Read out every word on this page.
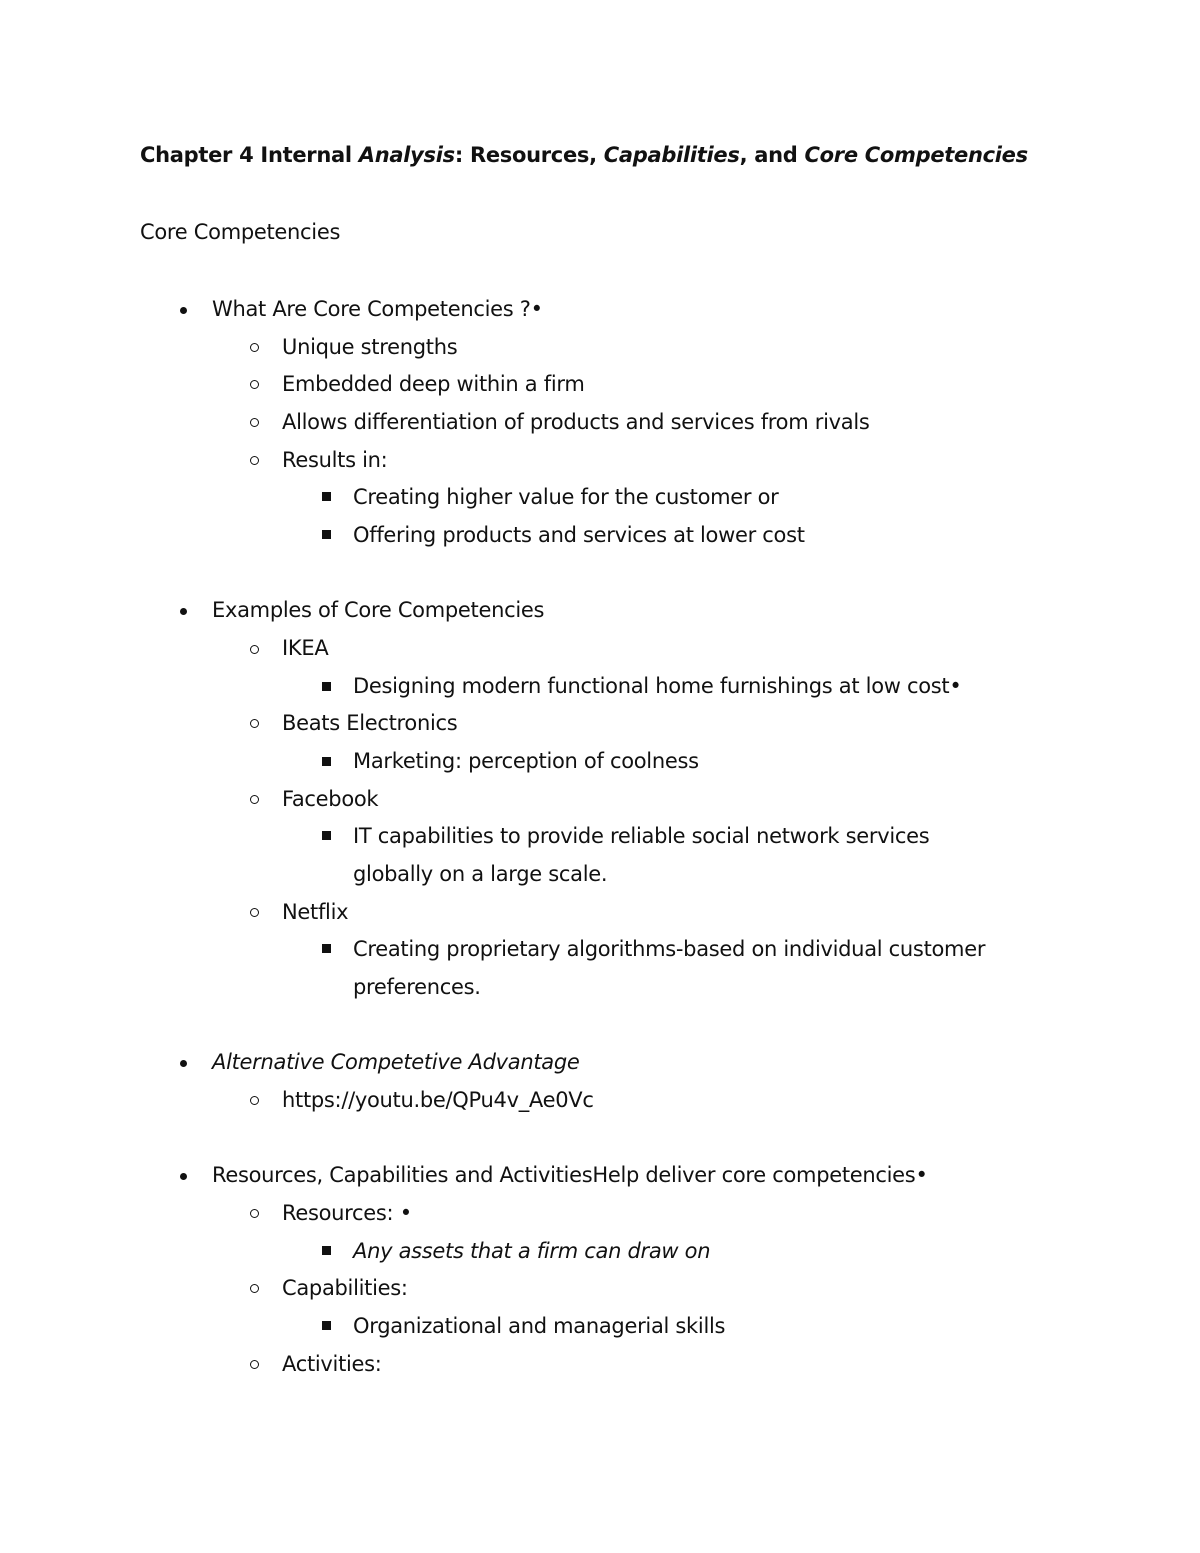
Chapter 4 Internal Analysis: Resources, Capabilities, and Core Competencies

Core Competencies

What Are Core Competencies ?•

Unique strengths

Embedded deep within a firm

Allows differentiation of products and services from rivals

Results in:

Creating higher value for the customer or

Offering products and services at lower cost

Examples of Core Competencies

IKEA

Designing modern functional home furnishings at low cost•

Beats Electronics

Marketing: perception of coolness

Facebook

IT capabilities to provide reliable social network services

globally on a large scale.

Netflix

Creating proprietary algorithms-based on individual customer

preferences.

Alternative Competetive Advantage

https://youtu.be/QPu4v_Ae0Vc

Resources, Capabilities and ActivitiesHelp deliver core competencies•

Resources: •

Any assets that a firm can draw on

Capabilities:

Organizational and managerial skills

Activities:
